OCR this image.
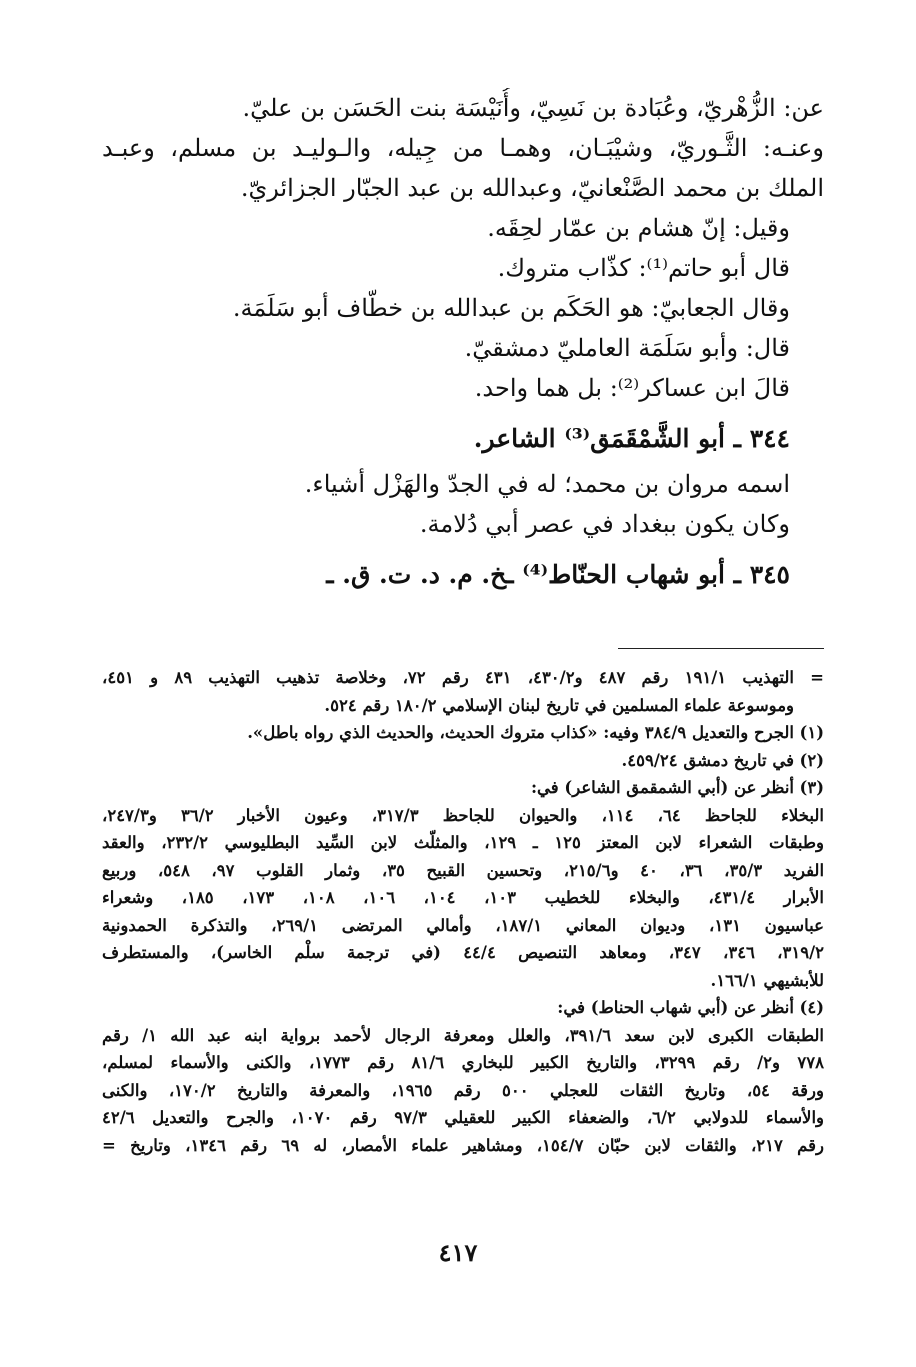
عن: الزُّهْريّ، وعُبَادة بن نَسِيّ، وأُنَيْسَة بنت الحَسَن بن عليّ.
وعنـه: الثَّـوريّ، وشيْبَـان، وهمـا من جِيله، والـوليـد بن مسلم، وعبـد
الملك بن محمد الصَّنْعانيّ، وعبدالله بن عبد الجبّار الجزائريّ.
وقيل: إنّ هشام بن عمّار لحِقَه.
قال أبو حاتم⁽¹⁾: كذّاب متروك.
وقال الجعابيّ: هو الحَكَم بن عبدالله بن خطّاف أبو سَلَمَة.
قال: وأبو سَلَمَة العامليّ دمشقيّ.
قالَ ابن عساكر⁽²⁾: بل هما واحد.
٣٤٤ ـ أبو الشَّمْقَمَق⁽³⁾ الشاعر.
اسمه مروان بن محمد؛ له في الجدّ والهَزْل أشياء.
وكان يكون ببغداد في عصر أبي دُلامة.
٣٤٥ ـ أبو شهاب الحنّاط⁽⁴⁾ ـخ. م. د. ت. ق. ـ
=
التهذيب ١٩١/١ رقم ٤٨٧ و٤٣٠/٢، ٤٣١ رقم ٧٢، وخلاصة تذهيب التهذيب ٨٩ و ٤٥١،
وموسوعة علماء المسلمين في تاريخ لبنان الإسلامي ١٨٠/٢ رقم ٥٢٤.
(١)
الجرح والتعديل ٣٨٤/٩ وفيه: «كذاب متروك الحديث، والحديث الذي رواه باطل».
(٢)
في تاريخ دمشق ٤٥٩/٢٤.
(٣)
أنظر عن (أبي الشمقمق الشاعر) في:
البخلاء للجاحظ ٦٤، ١١٤، والحيوان للجاحظ ٣١٧/٣، وعيون الأخبار ٣٦/٢ و٢٤٧/٣،
وطبقات الشعراء لابن المعتز ١٢٥ ـ ١٢٩، والمثلّث لابن السِّيد البطليوسي ٢٣٢/٢، والعقد
الفريد ٣٥/٣، ٣٦، ٤٠ و٢١٥/٦، وتحسين القبيح ٣٥، وثمار القلوب ٩٧، ٥٤٨، وربيع
الأبرار ٤٣١/٤، والبخلاء للخطيب ١٠٣، ١٠٤، ١٠٦، ١٠٨، ١٧٣، ١٨٥، وشعراء
عباسيون ١٣١، وديوان المعاني ١٨٧/١، وأمالي المرتضى ٢٦٩/١، والتذكرة الحمدونية
٣١٩/٢، ٣٤٦، ٣٤٧، ومعاهد التنصيص ٤٤/٤ (في ترجمة سلْم الخاسر)، والمستطرف
للأبشيهي ١٦٦/١.
(٤)
أنظر عن (أبي شهاب الحناط) في:
الطبقات الكبرى لابن سعد ٣٩١/٦، والعلل ومعرفة الرجال لأحمد برواية ابنه عبد الله ١/ رقم
٧٧٨ و٢/ رقم ٣٢٩٩، والتاريخ الكبير للبخاري ٨١/٦ رقم ١٧٧٣، والكنى والأسماء لمسلم،
ورقة ٥٤، وتاريخ الثقات للعجلي ٥٠٠ رقم ١٩٦٥، والمعرفة والتاريخ ١٧٠/٢، والكنى
والأسماء للدولابي ٦/٢، والضعفاء الكبير للعقيلي ٩٧/٣ رقم ١٠٧٠، والجرح والتعديل ٤٢/٦
رقم ٢١٧، والثقات لابن حبّان ١٥٤/٧، ومشاهير علماء الأمصار، له ٦٩ رقم ١٣٤٦، وتاريخ =
٤١٧
